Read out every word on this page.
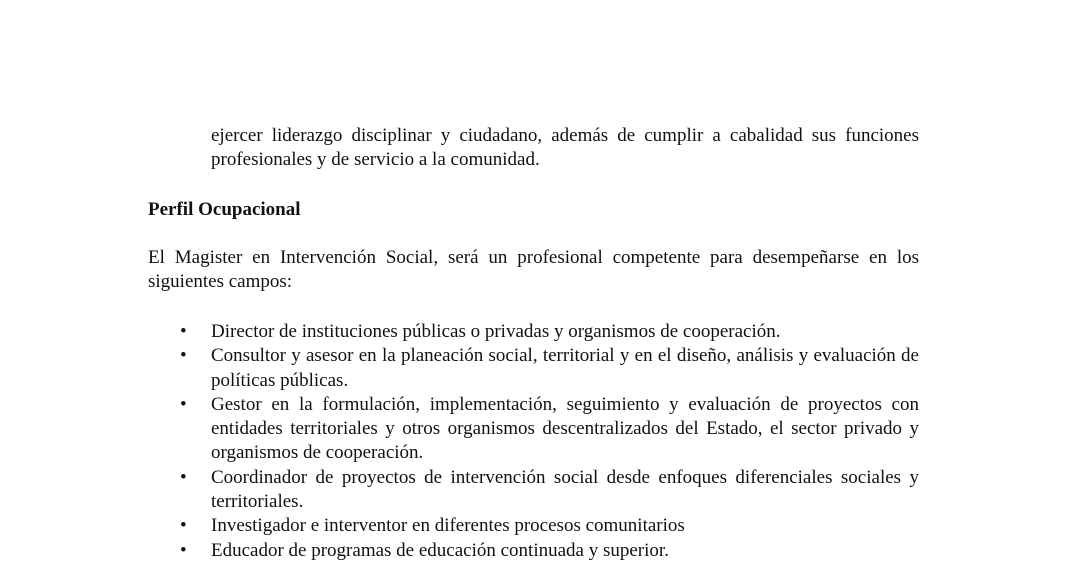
ejercer liderazgo disciplinar y ciudadano, además de cumplir a cabalidad sus funciones profesionales y de servicio a la comunidad.

Perfil Ocupacional

El Magister en Intervención Social, será un profesional competente para desempeñarse en los siguientes campos:

•	Director de instituciones públicas o privadas y organismos de cooperación.
•	Consultor y asesor en la planeación social, territorial y en el diseño, análisis y evaluación de políticas públicas.
•	Gestor en la formulación, implementación, seguimiento y evaluación de proyectos con entidades territoriales y otros organismos descentralizados del Estado, el sector privado y organismos de cooperación.
•	Coordinador de proyectos de intervención social desde enfoques diferenciales sociales y territoriales.
•	Investigador e interventor en diferentes procesos comunitarios
•	Educador de programas de educación continuada y superior.
